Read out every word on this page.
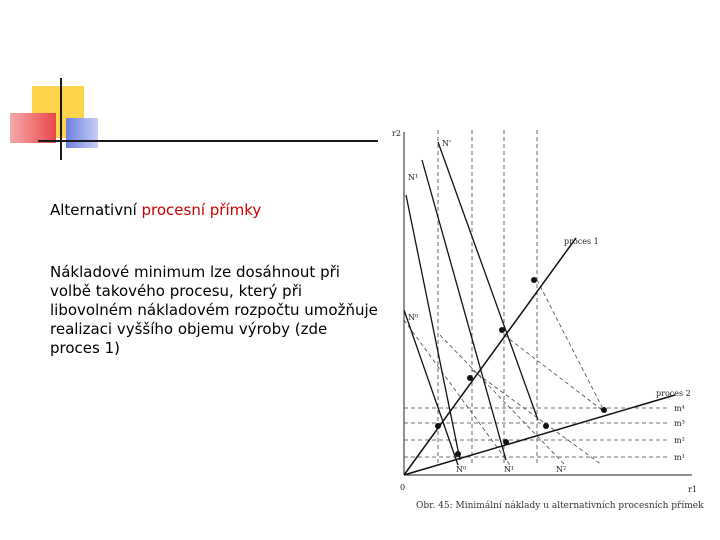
Alternativní procesní přímky
Nákladové minimum lze dosáhnout při volbě takového procesu, který při libovolném nákladovém rozpočtu umožňuje realizaci vyššího objemu výroby (zde proces 1)
r2
r1
0
N'
N¹
N⁰
N⁰	N¹	N²
proces 1
proces 2
m⁴
m³
m²
m¹
Obr. 45: Minimální náklady u alternativních procesních přímek
